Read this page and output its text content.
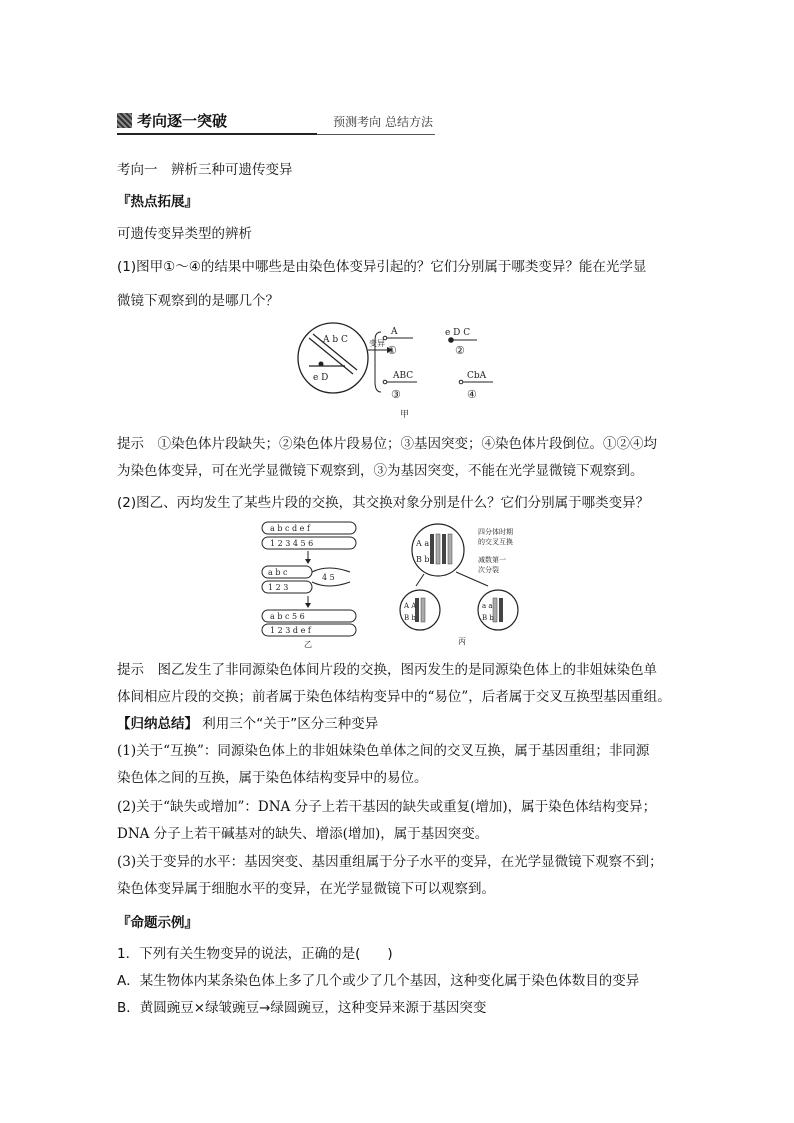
考向逐一突破	预测考向 总结方法
考向一　辨析三种可遗传变异
『热点拓展』
可遗传变异类型的辨析
(1)图甲①～④的结果中哪些是由染色体变异引起的？它们分别属于哪类变异？能在光学显
微镜下观察到的是哪几个？
A b C
e D
变异
A
①
ABC
③
e D C
②
CbA
④
甲
提示　①染色体片段缺失；②染色体片段易位；③基因突变；④染色体片段倒位。①②④均
为染色体变异，可在光学显微镜下观察到，③为基因突变，不能在光学显微镜下观察到。
(2)图乙、丙均发生了某些片段的交换，其交换对象分别是什么？它们分别属于哪类变异？
a b c d e f
1 2 3 4 5 6
a b c
4 5
1 2 3
a b c 5 6
1 2 3 d e f
乙
A a
B b
四分体时期
的交叉互换
减数第一
次分裂
A A
B b
a a
B b
丙
提示　图乙发生了非同源染色体间片段的交换，图丙发生的是同源染色体上的非姐妹染色单
体间相应片段的交换；前者属于染色体结构变异中的“易位”，后者属于交叉互换型基因重组。
【归纳总结】 利用三个“关于”区分三种变异
(1)关于“互换”：同源染色体上的非姐妹染色单体之间的交叉互换，属于基因重组；非同源
染色体之间的互换，属于染色体结构变异中的易位。
(2)关于“缺失或增加”：DNA 分子上若干基因的缺失或重复(增加)，属于染色体结构变异；
DNA 分子上若干碱基对的缺失、增添(增加)，属于基因突变。
(3)关于变异的水平：基因突变、基因重组属于分子水平的变异，在光学显微镜下观察不到；
染色体变异属于细胞水平的变异，在光学显微镜下可以观察到。
『命题示例』
1．下列有关生物变异的说法，正确的是(　　)
A．某生物体内某条染色体上多了几个或少了几个基因，这种变化属于染色体数目的变异
B．黄圆豌豆×绿皱豌豆→绿圆豌豆，这种变异来源于基因突变
